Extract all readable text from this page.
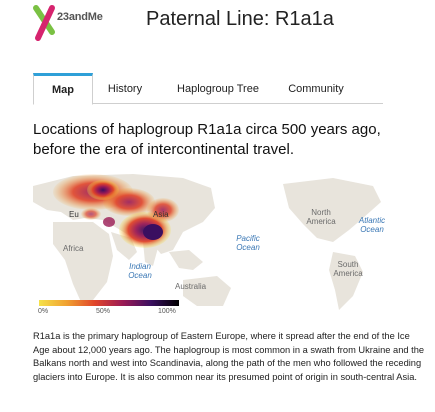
23andMe Paternal Line: R1a1a
Map	History	Haplogroup Tree	Community
Locations of haplogroup R1a1a circa 500 years ago, before the era of intercontinental travel.
Eu	Asia
Africa
North America	Atlantic Ocean
Pacific Ocean
Indian Ocean
South America
Australia
0%	50%	100%
R1a1a is the primary haplogroup of Eastern Europe, where it spread after the end of the Ice Age about 12,000 years ago. The haplogroup is most common in a swath from Ukraine and the Balkans north and west into Scandinavia, along the path of the men who followed the receding glaciers into Europe. It is also common near its presumed point of origin in south-central Asia.
